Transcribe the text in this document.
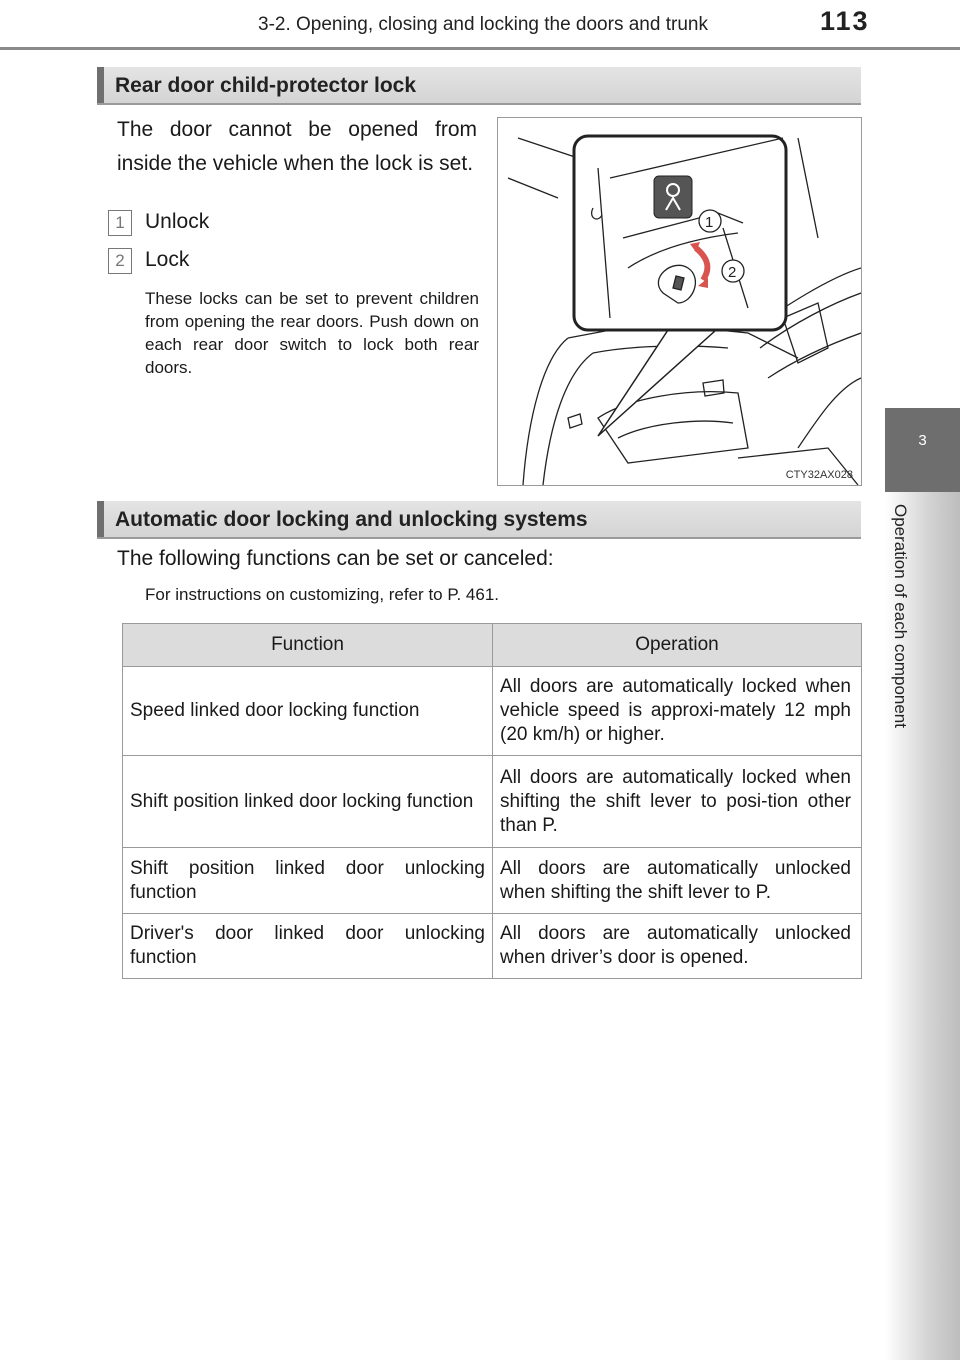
3-2. Opening, closing and locking the doors and trunk	113
3
Operation of each component
Rear door child-protector lock
The door cannot be opened from inside the vehicle when the lock is set.
1 Unlock
2 Lock
These locks can be set to prevent children from opening the rear doors. Push down on each rear door switch to lock both rear doors.
1
2
CTY32AX028
Automatic door locking and unlocking systems
The following functions can be set or canceled:
For instructions on customizing, refer to P. 461.
Function	Operation
Speed linked door locking function	All doors are automatically locked when vehicle speed is approxi-mately 12 mph (20 km/h) or higher.
Shift position linked door locking function	All doors are automatically locked when shifting the shift lever to posi-tion other than P.
Shift position linked door unlocking function	All doors are automatically unlocked when shifting the shift lever to P.
Driver's door linked door unlocking function	All doors are automatically unlocked when driver’s door is opened.
